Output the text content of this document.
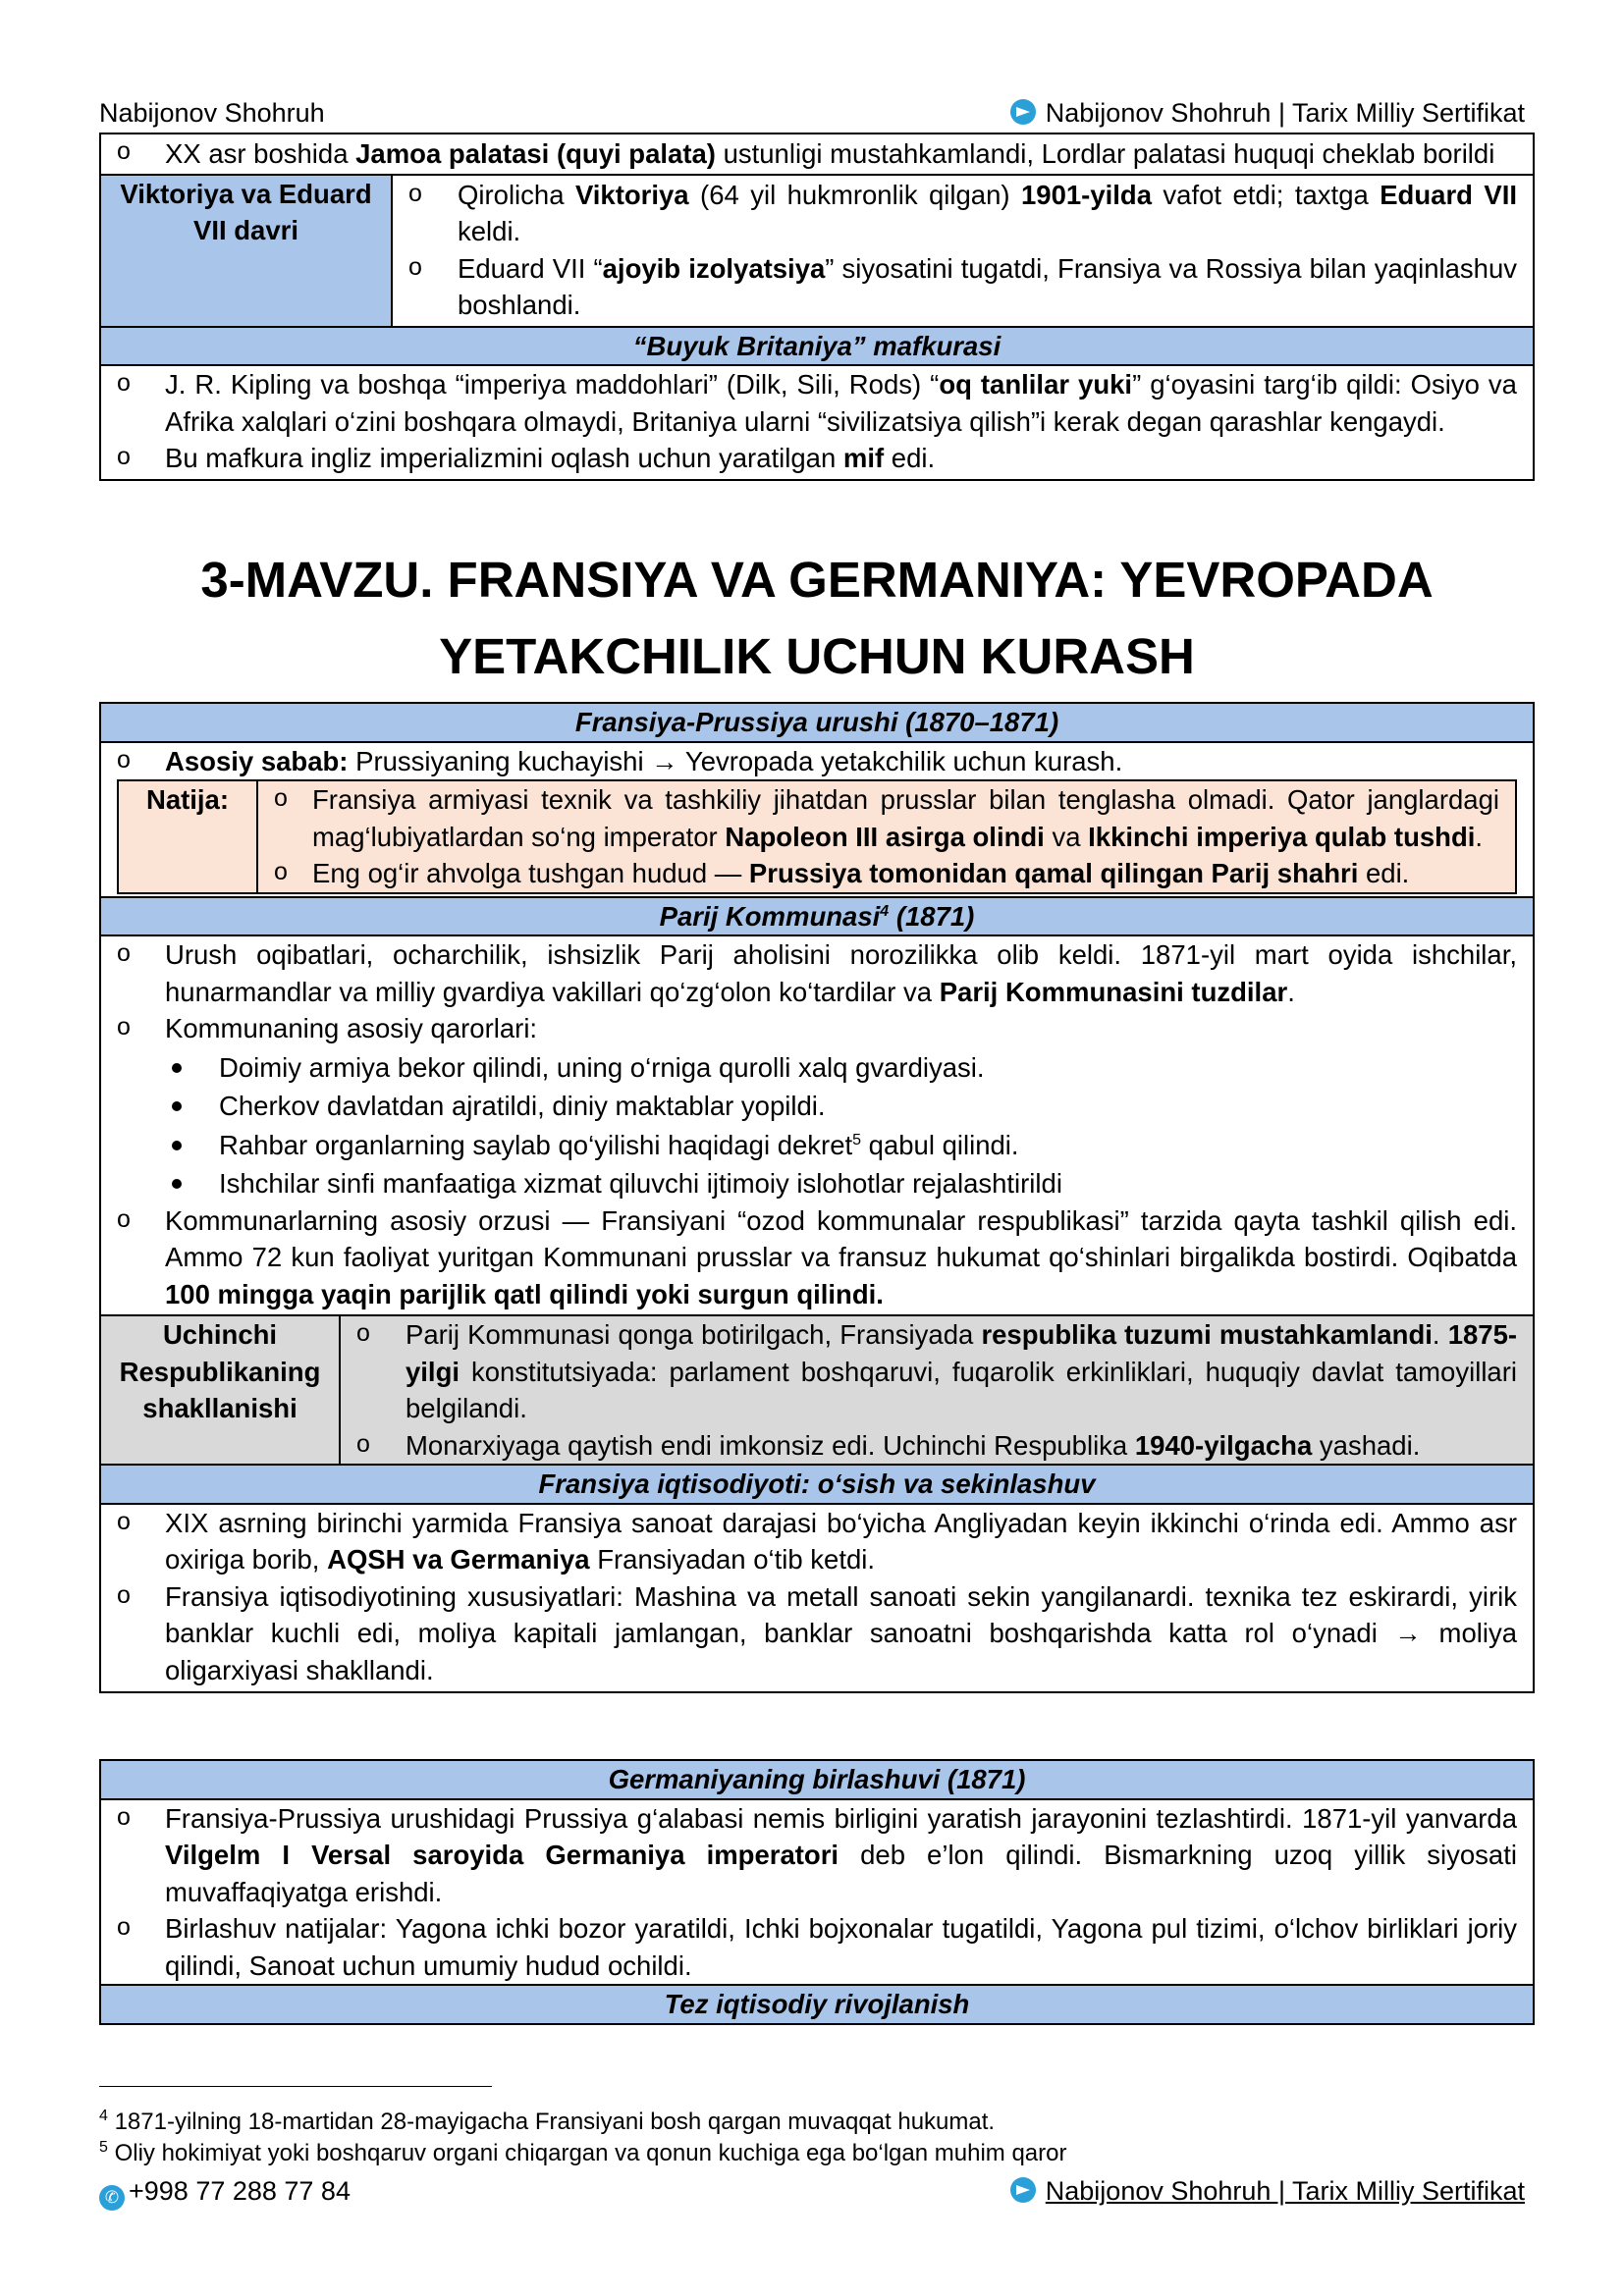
Nabijonov Shohruh	Nabijonov Shohruh | Tarix Milliy Sertifikat
o XX asr boshida Jamoa palatasi (quyi palata) ustunligi mustahkamlandi, Lordlar palatasi huquqi cheklab borildi
Viktoriya va Eduard VII davri
o Qirolicha Viktoriya (64 yil hukmronlik qilgan) 1901-yilda vafot etdi; taxtga Eduard VII keldi.
o Eduard VII “ajoyib izolyatsiya” siyosatini tugatdi, Fransiya va Rossiya bilan yaqinlashuv boshlandi.
“Buyuk Britaniya” mafkurasi
o J. R. Kipling va boshqa “imperiya maddohlari” (Dilk, Sili, Rods) “oq tanlilar yuki” g‘oyasini targ‘ib qildi: Osiyo va Afrika xalqlari o‘zini boshqara olmaydi, Britaniya ularni “sivilizatsiya qilish”i kerak degan qarashlar kengaydi.
o Bu mafkura ingliz imperializmini oqlash uchun yaratilgan mif edi.
3-MAVZU. FRANSIYA VA GERMANIYA: YEVROPADA
YETAKCHILIK UCHUN KURASH
Fransiya-Prussiya urushi (1870–1871)
o Asosiy sabab: Prussiyaning kuchayishi → Yevropada yetakchilik uchun kurash.
Natija:
o	Fransiya armiyasi texnik va tashkiliy jihatdan prusslar bilan tenglasha olmadi. Qator janglardagi mag‘lubiyatlardan so‘ng imperator Napoleon III asirga olindi va Ikkinchi imperiya qulab tushdi.
o Eng og‘ir ahvolga tushgan hudud — Prussiya tomonidan qamal qilingan Parij shahri edi.
Parij Kommunasi$^4$ (1871)
o Urush oqibatlari, ocharchilik, ishsizlik Parij aholisini norozilikka olib keldi. 1871-yil mart oyida ishchilar, hunarmandlar va milliy gvardiya vakillari qo‘zg‘olon ko‘tardilar va Parij Kommunasini tuzdilar.
o Kommunaning asosiy qarorlari:
Doimiy armiya bekor qilindi, uning o‘rniga qurolli xalq gvardiyasi.
Cherkov davlatdan ajratildi, diniy maktablar yopildi.
Rahbar organlarning saylab qo‘yilishi haqidagi dekret$^5$ qabul qilindi.
Ishchilar sinfi manfaatiga xizmat qiluvchi ijtimoiy islohotlar rejalashtirildi
o Kommunarlarning asosiy orzusi — Fransiyani “ozod kommunalar respublikasi” tarzida qayta tashkil qilish edi. Ammo 72 kun faoliyat yuritgan Kommunani prusslar va fransuz hukumat qo‘shinlari birgalikda bostirdi. Oqibatda 100 mingga yaqin parijlik qatl qilindi yoki surgun qilindi.
Uchinchi Respublikaning shakllanishi
o Parij Kommunasi qonga botirilgach, Fransiyada respublika tuzumi mustahkamlandi. 1875-yilgi konstitutsiyada: parlament boshqaruvi, fuqarolik erkinliklari, huquqiy davlat tamoyillari belgilandi.
o Monarxiyaga qaytish endi imkonsiz edi. Uchinchi Respublika 1940-yilgacha yashadi.
Fransiya iqtisodiyoti: o‘sish va sekinlashuv
o XIX asrning birinchi yarmida Fransiya sanoat darajasi bo‘yicha Angliyadan keyin ikkinchi o‘rinda edi. Ammo asr oxiriga borib, AQSH va Germaniya Fransiyadan o‘tib ketdi.
o Fransiya iqtisodiyotining xususiyatlari: Mashina va metall sanoati sekin yangilanardi. texnika tez eskirardi, yirik banklar kuchli edi, moliya kapitali jamlangan, banklar sanoatni boshqarishda katta rol o‘ynadi → moliya oligarxiyasi shakllandi.
Germaniyaning birlashuvi (1871)
o Fransiya-Prussiya urushidagi Prussiya g‘alabasi nemis birligini yaratish jarayonini tezlashtirdi. 1871-yil yanvarda Vilgelm I Versal saroyida Germaniya imperatori deb e’lon qilindi. Bismarkning uzoq yillik siyosati muvaffaqiyatga erishdi.
o Birlashuv natijalar: Yagona ichki bozor yaratildi, Ichki bojxonalar tugatildi, Yagona pul tizimi, o‘lchov birliklari joriy qilindi, Sanoat uchun umumiy hudud ochildi.
Tez iqtisodiy rivojlanish
$^4$ 1871-yilning 18-martidan 28-mayigacha Fransiyani bosh qargan muvaqqat hukumat.
$^5$ Oliy hokimiyat yoki boshqaruv organi chiqargan va qonun kuchiga ega bo‘lgan muhim qaror
✆ +998 77 288 77 84	Nabijonov Shohruh | Tarix Milliy Sertifikat
